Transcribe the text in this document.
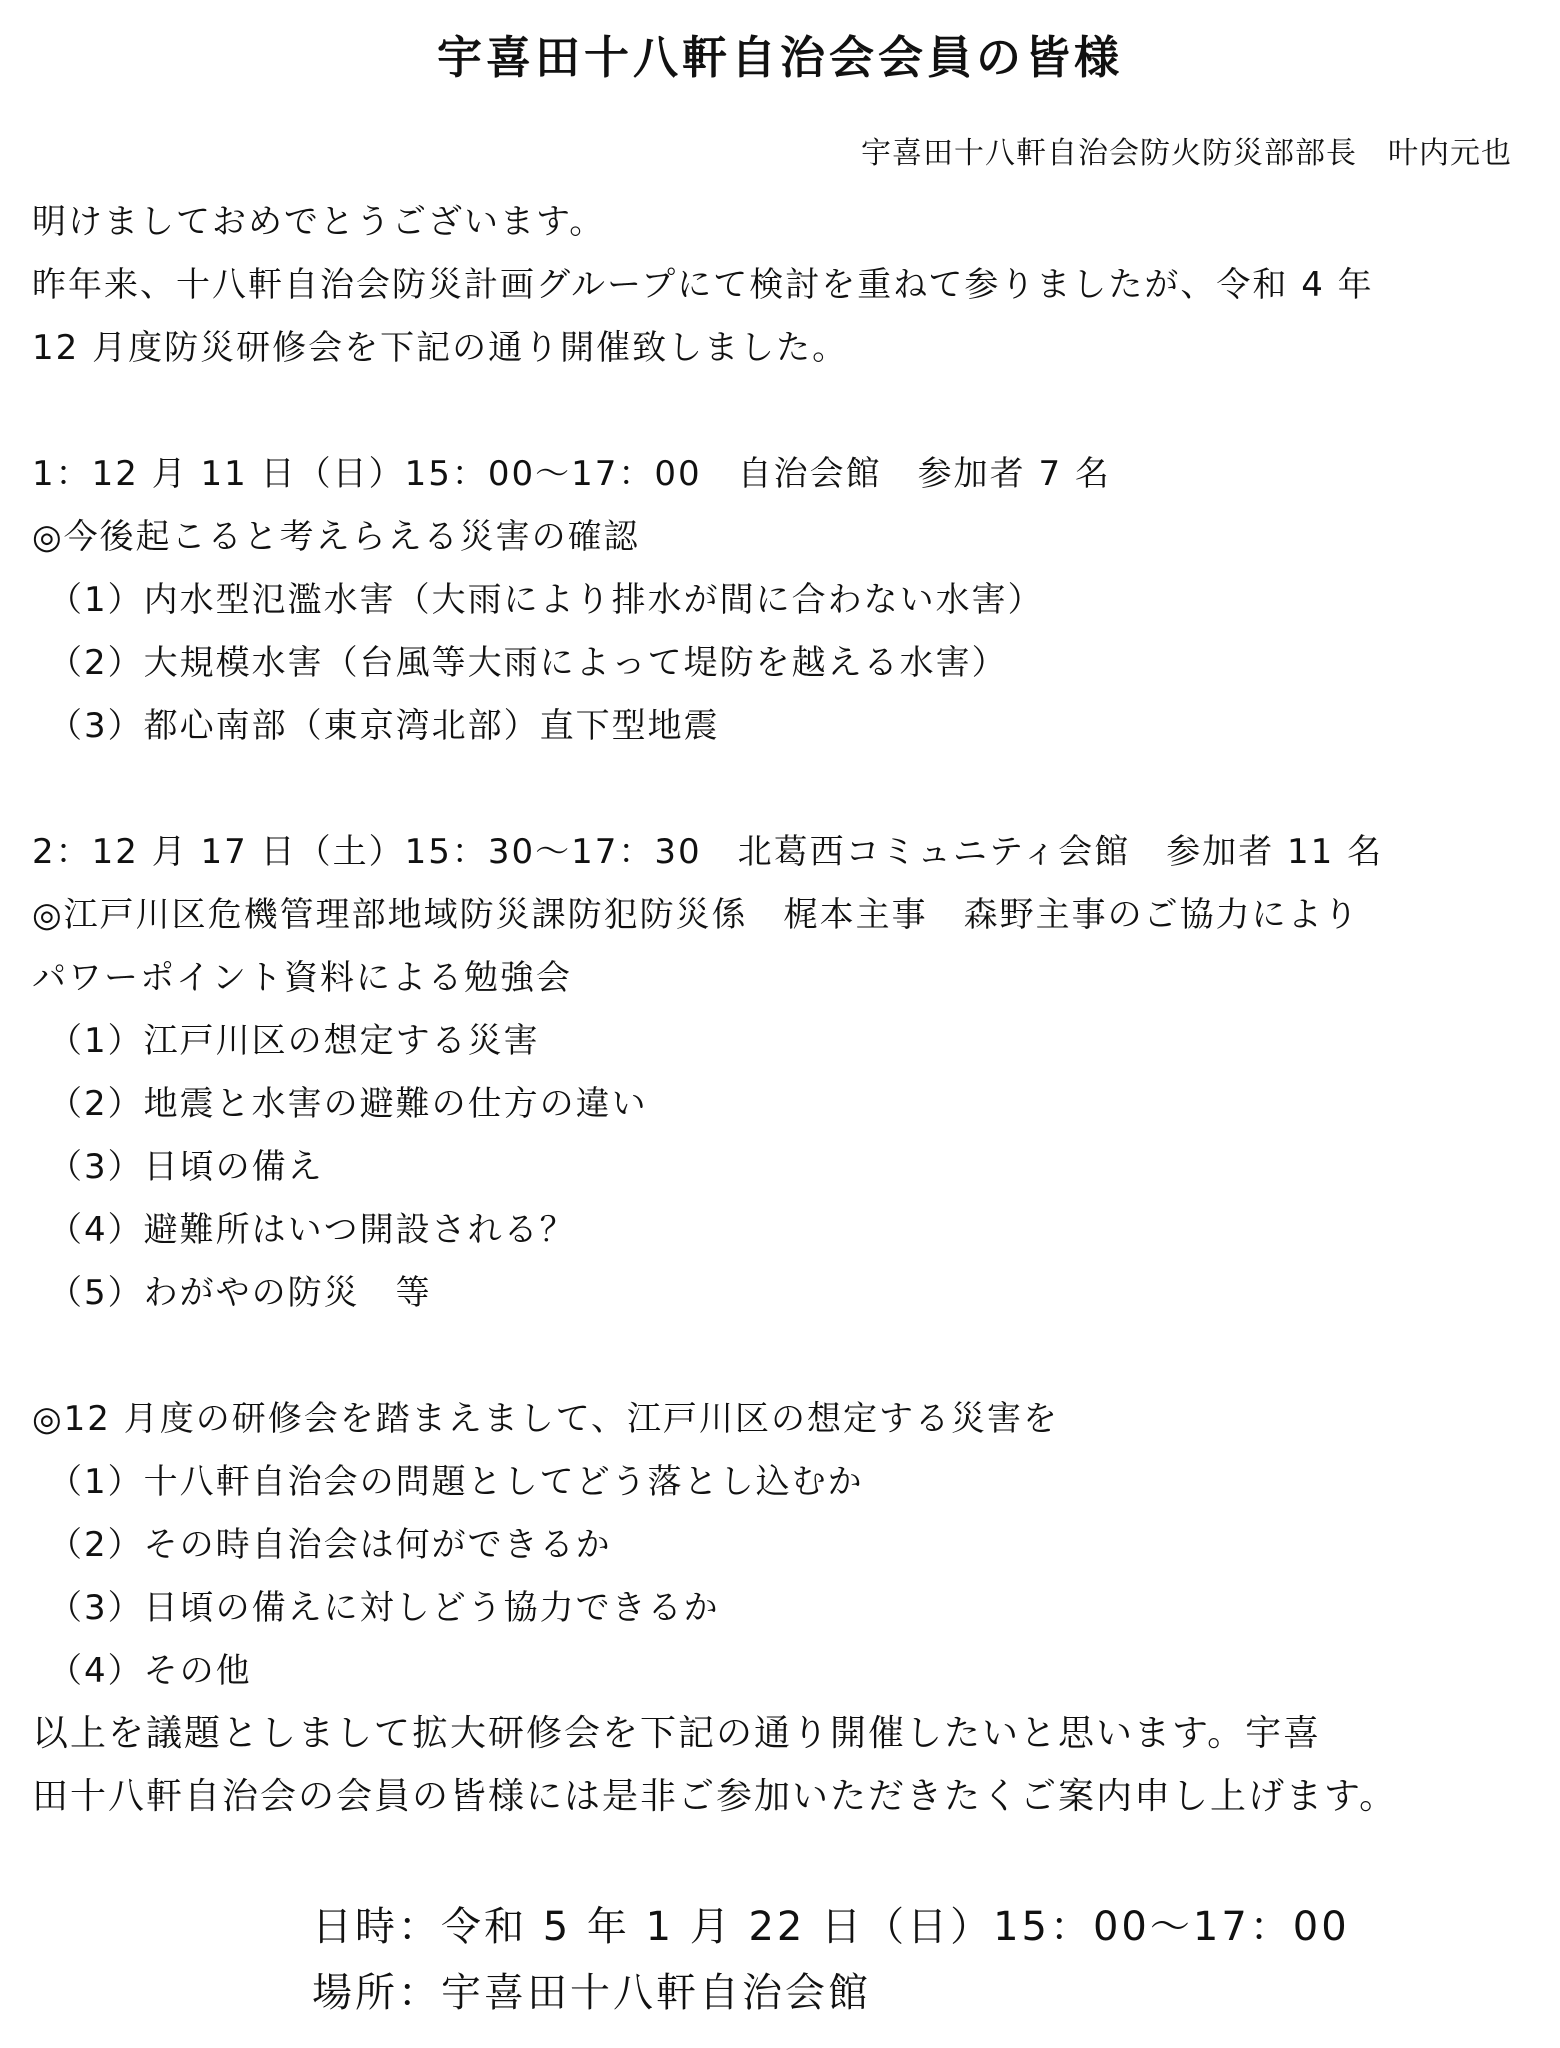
宇喜田十八軒自治会会員の皆様
宇喜田十八軒自治会防火防災部部長　叶内元也
明けましておめでとうございます。
昨年来、十八軒自治会防災計画グループにて検討を重ねて参りましたが、令和 4 年
12 月度防災研修会を下記の通り開催致しました。
1：12 月 11 日（日）15：00～17：00　自治会館　参加者 7 名
◎今後起こると考えらえる災害の確認
（1）内水型氾濫水害（大雨により排水が間に合わない水害）
（2）大規模水害（台風等大雨によって堤防を越える水害）
（3）都心南部（東京湾北部）直下型地震
2：12 月 17 日（土）15：30～17：30　北葛西コミュニティ会館　参加者 11 名
◎江戸川区危機管理部地域防災課防犯防災係　梶本主事　森野主事のご協力により
パワーポイント資料による勉強会
（1）江戸川区の想定する災害
（2）地震と水害の避難の仕方の違い
（3）日頃の備え
（4）避難所はいつ開設される？
（5）わがやの防災　等
◎12 月度の研修会を踏まえまして、江戸川区の想定する災害を
（1）十八軒自治会の問題としてどう落とし込むか
（2）その時自治会は何ができるか
（3）日頃の備えに対しどう協力できるか
（4）その他
以上を議題としまして拡大研修会を下記の通り開催したいと思います。宇喜
田十八軒自治会の会員の皆様には是非ご参加いただきたくご案内申し上げます。
日時：令和 5 年 1 月 22 日（日）15：00～17：00
場所：宇喜田十八軒自治会館
